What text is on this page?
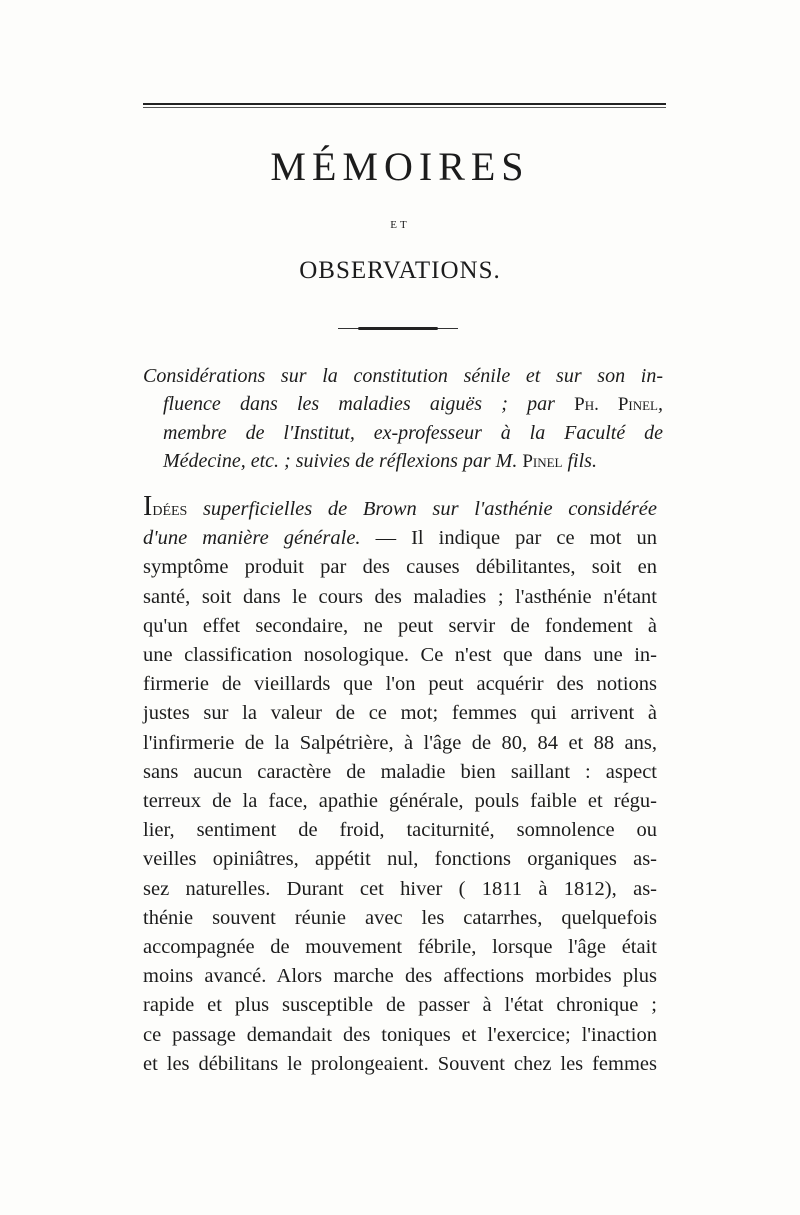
MÉMOIRES
ET
OBSERVATIONS.
Considérations sur la constitution sénile et sur son in-
fluence dans les maladies aiguës ; par Ph. Pinel,
membre de l'Institut, ex-professeur à la Faculté de
Médecine, etc. ; suivies de réflexions par M. Pinel fils.
Idées superficielles de Brown sur l'asthénie considérée
d'une manière générale. — Il indique par ce mot un
symptôme produit par des causes débilitantes, soit en
santé, soit dans le cours des maladies ; l'asthénie n'étant
qu'un effet secondaire, ne peut servir de fondement à
une classification nosologique. Ce n'est que dans une in-
firmerie de vieillards que l'on peut acquérir des notions
justes sur la valeur de ce mot; femmes qui arrivent à
l'infirmerie de la Salpétrière, à l'âge de 80, 84 et 88 ans,
sans aucun caractère de maladie bien saillant : aspect
terreux de la face, apathie générale, pouls faible et régu-
lier, sentiment de froid, taciturnité, somnolence ou
veilles opiniâtres, appétit nul, fonctions organiques as-
sez naturelles. Durant cet hiver ( 1811 à 1812), as-
thénie souvent réunie avec les catarrhes, quelquefois
accompagnée de mouvement fébrile, lorsque l'âge était
moins avancé. Alors marche des affections morbides plus
rapide et plus susceptible de passer à l'état chronique ;
ce passage demandait des toniques et l'exercice; l'inaction
et les débilitans le prolongeaient. Souvent chez les femmes
